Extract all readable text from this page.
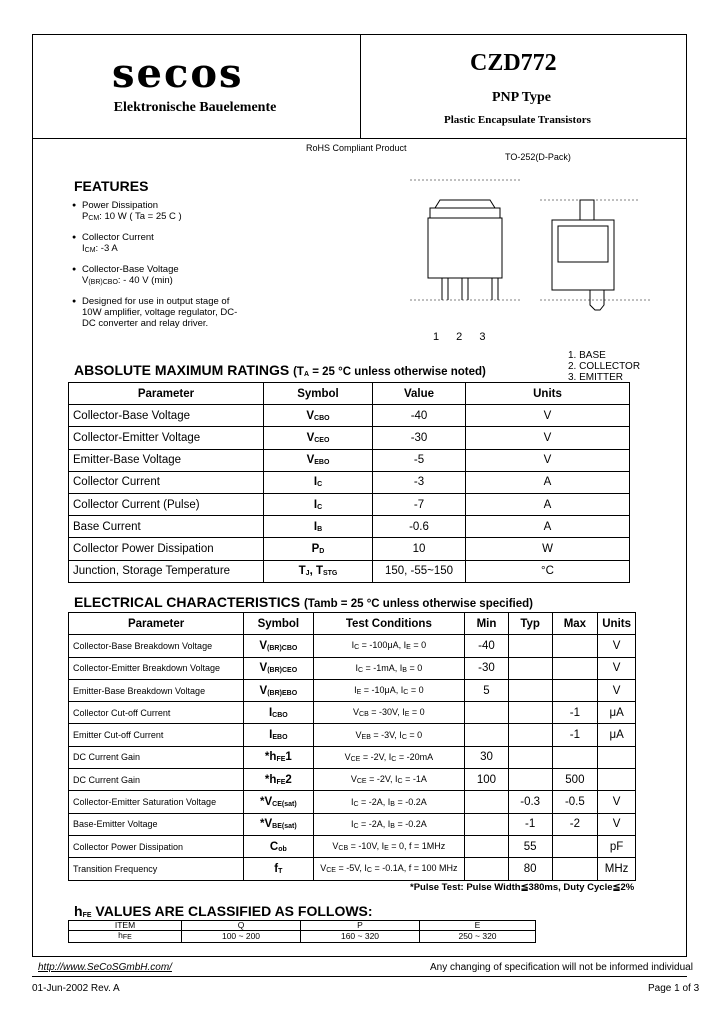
secos
Elektronische Bauelemente
CZD772
PNP Type
Plastic Encapsulate Transistors
RoHS Compliant Product
TO-252(D-Pack)
FEATURES
● Power Dissipation
PCM: 10 W ( Ta = 25 C )
● Collector Current
ICM: -3 A
● Collector-Base Voltage
V(BR)CBO: - 40 V (min)
● Designed for use in output stage of 10W amplifier, voltage regulator, DC-DC converter and relay driver.
1 2 3
1. BASE
2. COLLECTOR
3. EMITTER
ABSOLUTE MAXIMUM RATINGS (TA = 25 °C unless otherwise noted)
Parameter	Symbol	Value	Units
Collector-Base Voltage	VCBO	-40	V
Collector-Emitter Voltage	VCEO	-30	V
Emitter-Base Voltage	VEBO	-5	V
Collector Current	IC	-3	A
Collector Current (Pulse)	IC	-7	A
Base Current	IB	-0.6	A
Collector Power Dissipation	PD	10	W
Junction, Storage Temperature	TJ, TSTG	150, -55~150	°C
ELECTRICAL CHARACTERISTICS (Tamb = 25 °C unless otherwise specified)
Parameter	Symbol	Test Conditions	Min	Typ	Max	Units
Collector-Base Breakdown Voltage	V(BR)CBO	IC = -100μA, IE = 0	-40			V
Collector-Emitter Breakdown Voltage	V(BR)CEO	IC = -1mA, IB = 0	-30			V
Emitter-Base Breakdown Voltage	V(BR)EBO	IE = -10μA, IC = 0	5			V
Collector Cut-off Current	ICBO	VCB = -30V, IE = 0			-1	μA
Emitter Cut-off Current	IEBO	VEB = -3V, IC = 0			-1	μA
DC Current Gain	*hFE1	VCE = -2V, IC = -20mA	30			
DC Current Gain	*hFE2	VCE = -2V, IC = -1A	100		500	
Collector-Emitter Saturation Voltage	*VCE(sat)	IC = -2A, IB = -0.2A		-0.3	-0.5	V
Base-Emitter Voltage	*VBE(sat)	IC = -2A, IB = -0.2A		-1	-2	V
Collector Power Dissipation	Cob	VCB = -10V, IE = 0, f = 1MHz		55		pF
Transition Frequency	fT	VCE = -5V, IC = -0.1A, f = 100 MHz		80		MHz
*Pulse Test: Pulse Width≦380ms, Duty Cycle≦2%
hFE VALUES ARE CLASSIFIED AS FOLLOWS:
ITEM	Q	P	E
hFE	100 ~ 200	160 ~ 320	250 ~ 320
http://www.SeCoSGmbH.com/	Any changing of specification will not be informed individual
01-Jun-2002 Rev. A	Page 1 of 3
